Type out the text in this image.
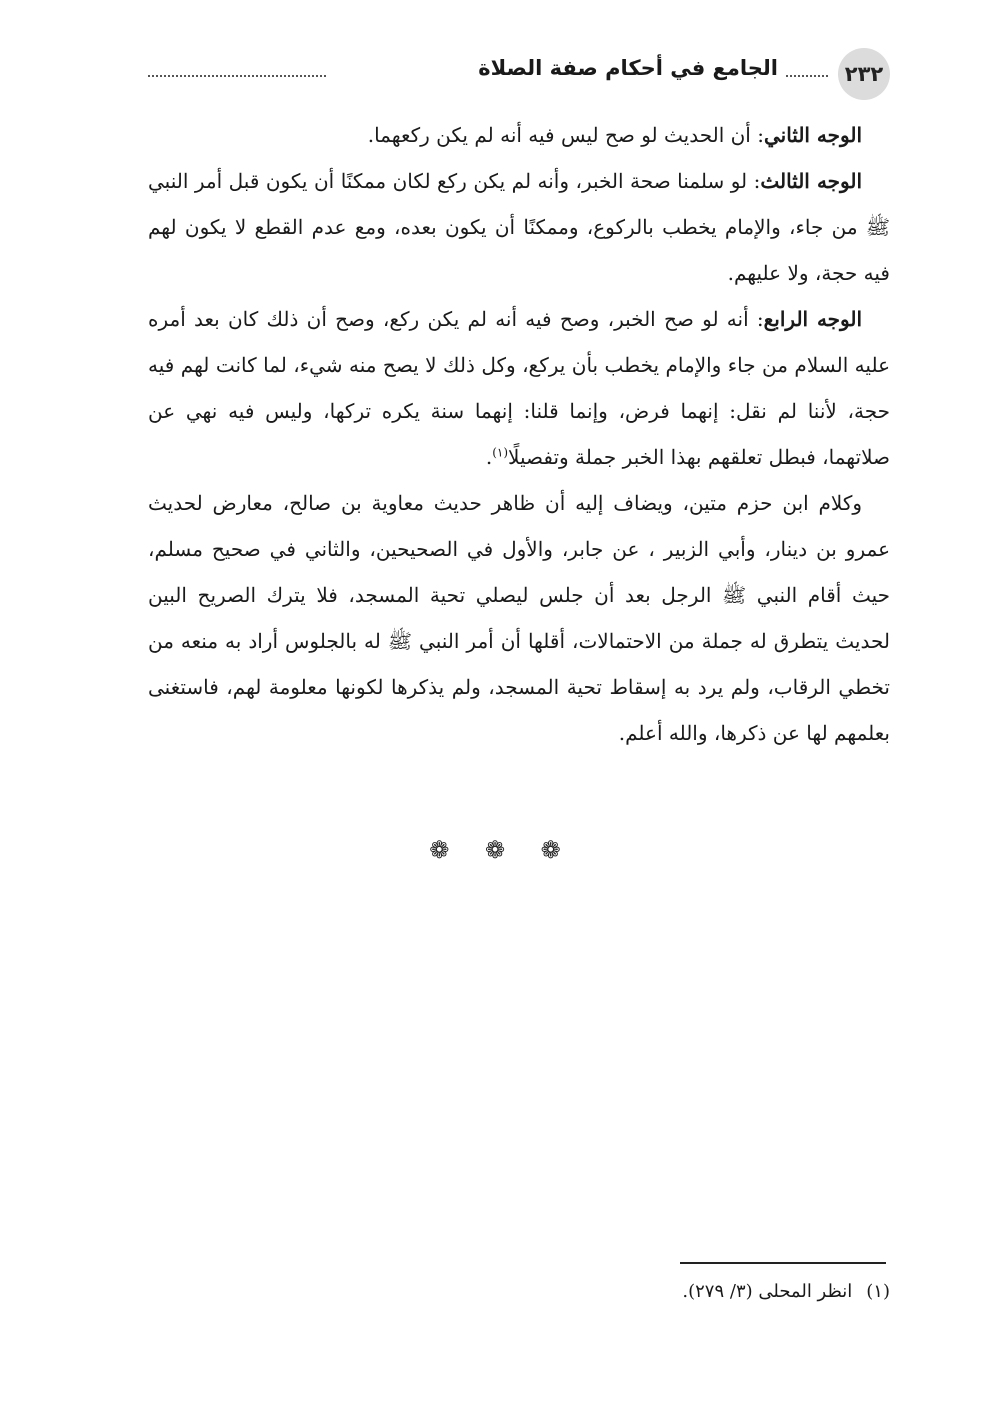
٢٣٢
الجامع في أحكام صفة الصلاة

الوجه الثاني: أن الحديث لو صح ليس فيه أنه لم يكن ركعهما.

الوجه الثالث: لو سلمنا صحة الخبر، وأنه لم يكن ركع لكان ممكنًا أن يكون قبل أمر النبي ﷺ من جاء، والإمام يخطب بالركوع، وممكنًا أن يكون بعده، ومع عدم القطع لا يكون لهم فيه حجة، ولا عليهم.

الوجه الرابع: أنه لو صح الخبر، وصح فيه أنه لم يكن ركع، وصح أن ذلك كان بعد أمره عليه السلام من جاء والإمام يخطب بأن يركع، وكل ذلك لا يصح منه شيء، لما كانت لهم فيه حجة، لأننا لم نقل: إنهما فرض، وإنما قلنا: إنهما سنة يكره تركها، وليس فيه نهي عن صلاتهما، فبطل تعلقهم بهذا الخبر جملة وتفصيلًا$^{(١)}$.

وكلام ابن حزم متين، ويضاف إليه أن ظاهر حديث معاوية بن صالح، معارض لحديث عمرو بن دينار، وأبي الزبير ، عن جابر، والأول في الصحيحين، والثاني في صحيح مسلم، حيث أقام النبي ﷺ الرجل بعد أن جلس ليصلي تحية المسجد، فلا يترك الصريح البين لحديث يتطرق له جملة من الاحتمالات، أقلها أن أمر النبي ﷺ له بالجلوس أراد به منعه من تخطي الرقاب، ولم يرد به إسقاط تحية المسجد، ولم يذكرها لكونها معلومة لهم، فاستغنى بعلمهم لها عن ذكرها، والله أعلم.

❁ ❁ ❁
(١)انظر المحلى (٣/ ٢٧٩).
